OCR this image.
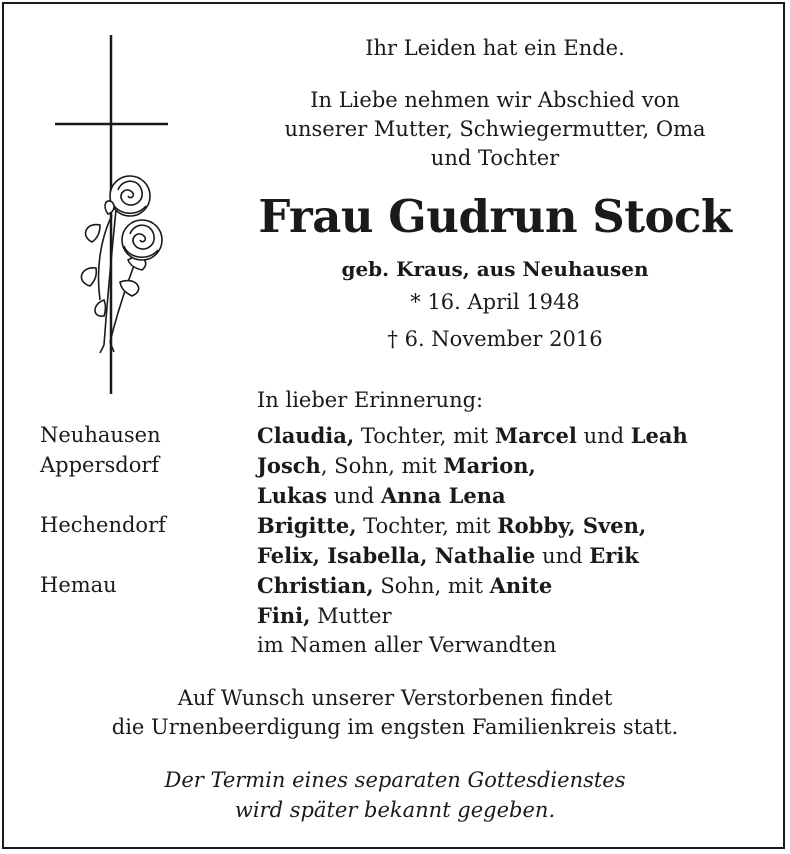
Ihr Leiden hat ein Ende.
In Liebe nehmen wir Abschied von
unserer Mutter, Schwiegermutter, Oma
und Tochter
Frau Gudrun Stock
geb. Kraus, aus Neuhausen
* 16. April 1948
† 6. November 2016
In lieber Erinnerung:
Neuhausen	Claudia, Tochter, mit Marcel und Leah
Appersdorf	Josch, Sohn, mit Marion,
	Lukas und Anna Lena
Hechendorf	Brigitte, Tochter, mit Robby, Sven,
	Felix, Isabella, Nathalie und Erik
Hemau	Christian, Sohn, mit Anite
	Fini, Mutter
	im Namen aller Verwandten
Auf Wunsch unserer Verstorbenen findet
die Urnenbeerdigung im engsten Familienkreis statt.
Der Termin eines separaten Gottesdienstes
wird später bekannt gegeben.
